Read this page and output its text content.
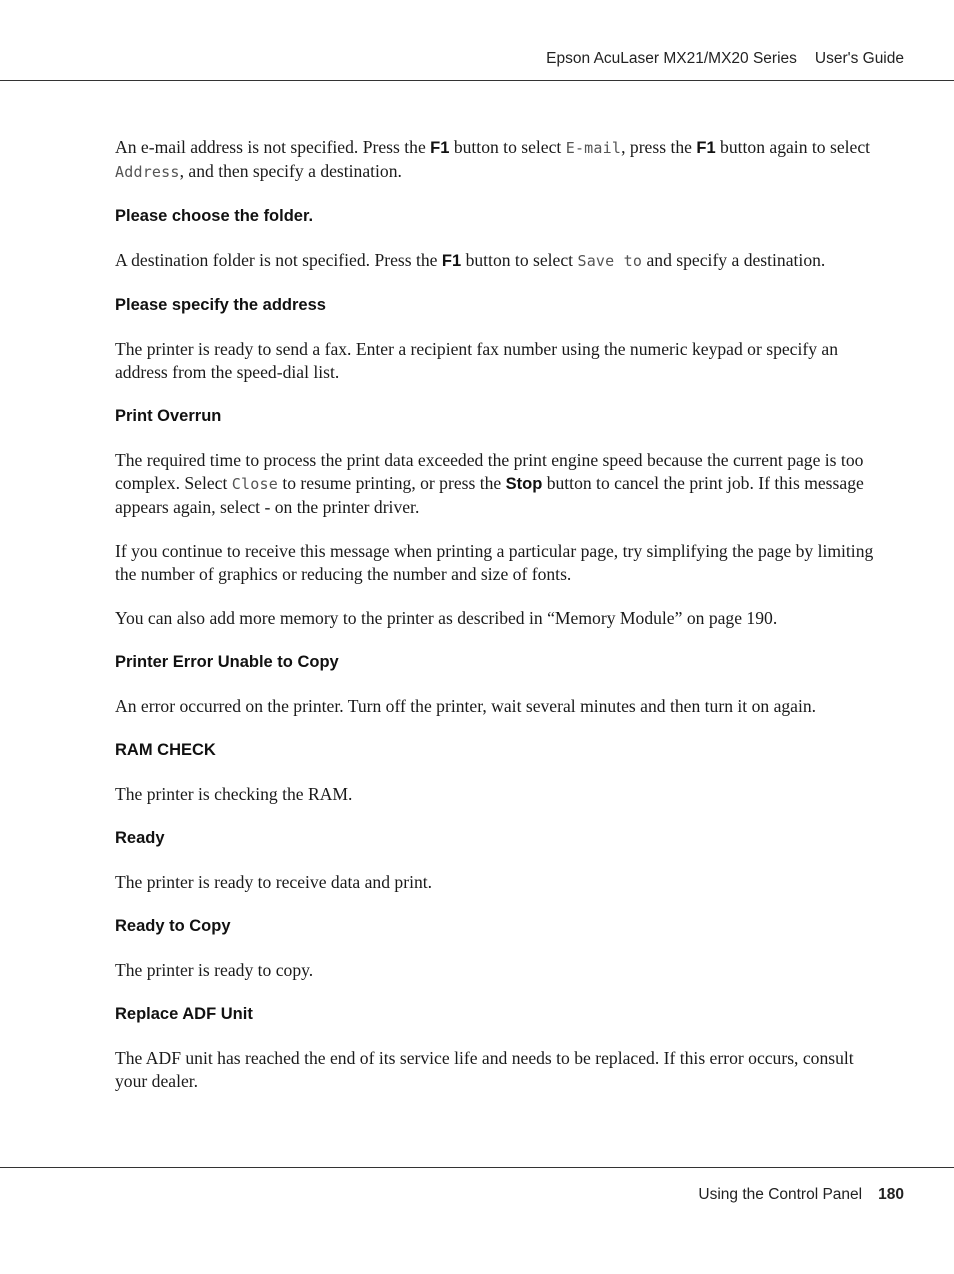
Epson AcuLaser MX21/MX20 Series User's Guide

An e-mail address is not specified. Press the F1 button to select E-mail, press the F1 button again to select Address, and then specify a destination.

Please choose the folder.

A destination folder is not specified. Press the F1 button to select Save to and specify a destination.

Please specify the address

The printer is ready to send a fax. Enter a recipient fax number using the numeric keypad or specify an address from the speed-dial list.

Print Overrun

The required time to process the print data exceeded the print engine speed because the current page is too complex. Select Close to resume printing, or press the Stop button to cancel the print job. If this message appears again, select - on the printer driver.

If you continue to receive this message when printing a particular page, try simplifying the page by limiting the number of graphics or reducing the number and size of fonts.

You can also add more memory to the printer as described in “Memory Module” on page 190.

Printer Error Unable to Copy

An error occurred on the printer. Turn off the printer, wait several minutes and then turn it on again.

RAM CHECK

The printer is checking the RAM.

Ready

The printer is ready to receive data and print.

Ready to Copy

The printer is ready to copy.

Replace ADF Unit

The ADF unit has reached the end of its service life and needs to be replaced. If this error occurs, consult your dealer.

Using the Control Panel 180
